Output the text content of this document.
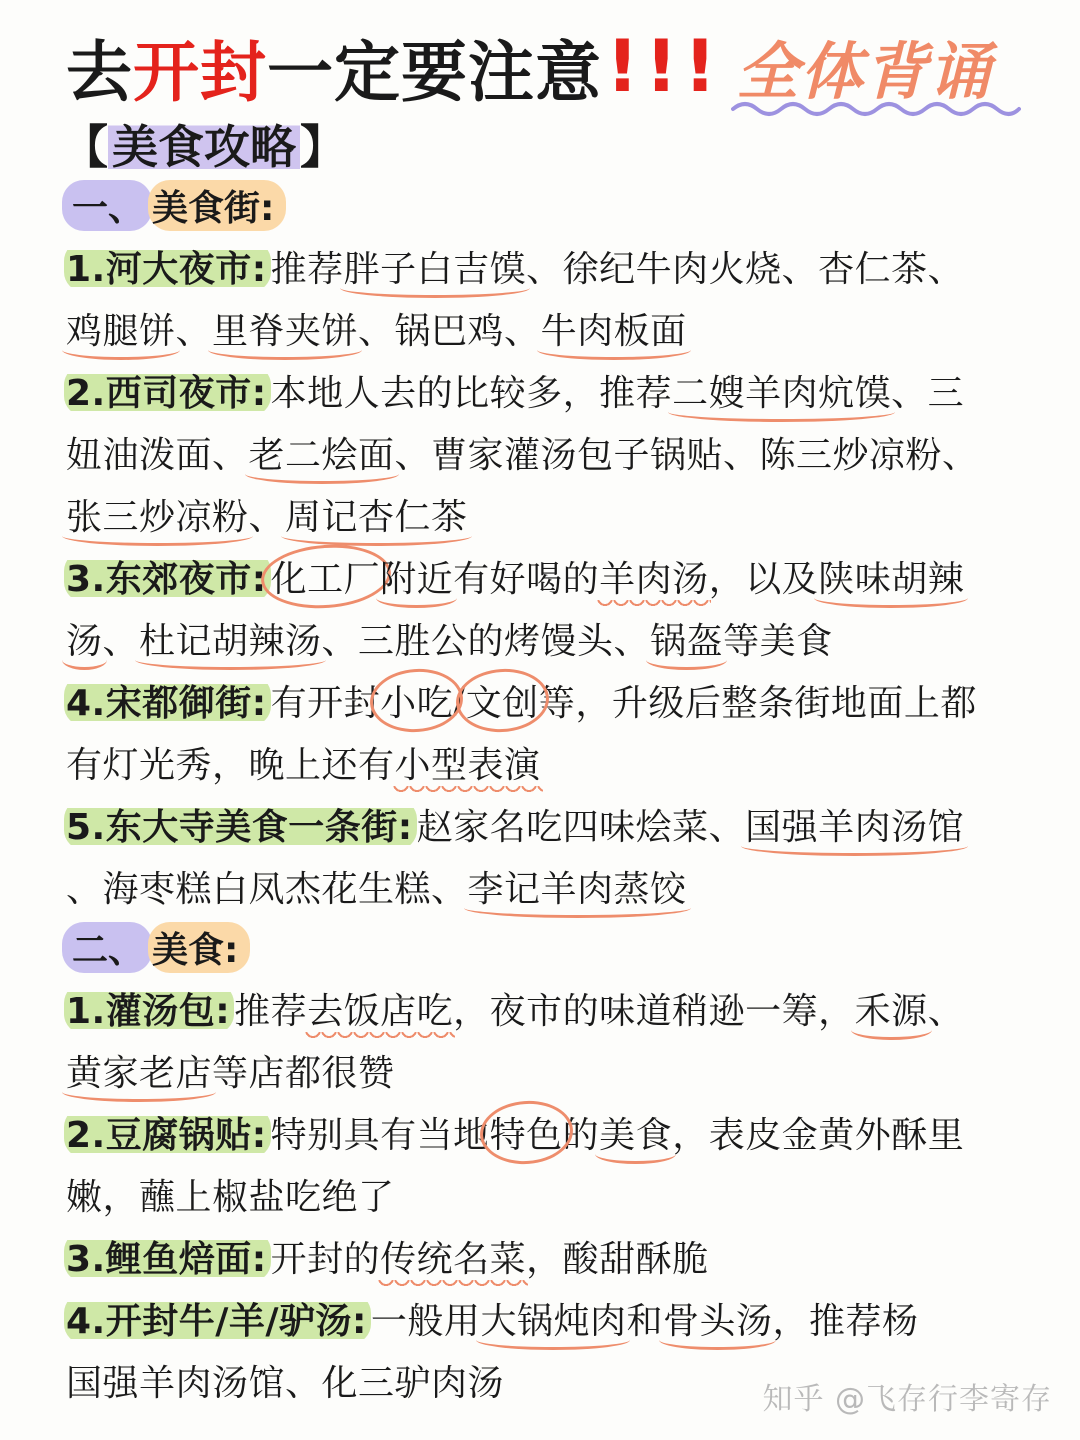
去 开封 一定要注意 !!! 全体背诵
【 美食攻略 】
一、 美食街:
1.河大夜市: 推荐 胖子白吉馍 、徐纪牛肉火烧、杏仁茶、
鸡腿饼 、 里脊夹饼 、锅巴鸡、 牛肉板面
2.西司夜市: 本地人去的比较多，推荐 二嫂羊肉炕馍 、三
妞油泼面、 老二烩面 、曹家灌汤包子锅贴、陈三炒凉粉、
张三炒凉粉 、 周记杏仁茶
3.东郊夜市: 化工厂 附近 有好喝的 羊肉汤 ，以及 陕味胡辣
汤 、 杜记胡辣汤 、三胜公的烤馒头、 锅盔 等美食
4.宋都御街: 有开封 小吃 / 文创 等，升级后整条街地面上都
有灯光秀，晚上还有 小型表演
5.东大寺美食一条街: 赵家名吃四味烩菜、 国强羊肉汤馆
、海枣糕白凤杰花生糕、 李记羊肉蒸饺
二、 美食:
1.灌汤包: 推荐 去饭店吃 ，夜市的味道稍逊一筹， 禾源 、
黄家老店 等店都很赞
2.豆腐锅贴: 特别具有当地 特色 的 美食 ，表皮金黄外酥里
嫩，蘸上椒盐吃绝了
3.鲤鱼焙面: 开封的 传统名菜 ，酸甜酥脆
4.开封牛/羊/驴汤: 一般用 大锅炖肉 和 骨头汤 ，推荐杨
国强羊肉汤馆、化三驴肉汤	知乎 @飞存行李寄存
